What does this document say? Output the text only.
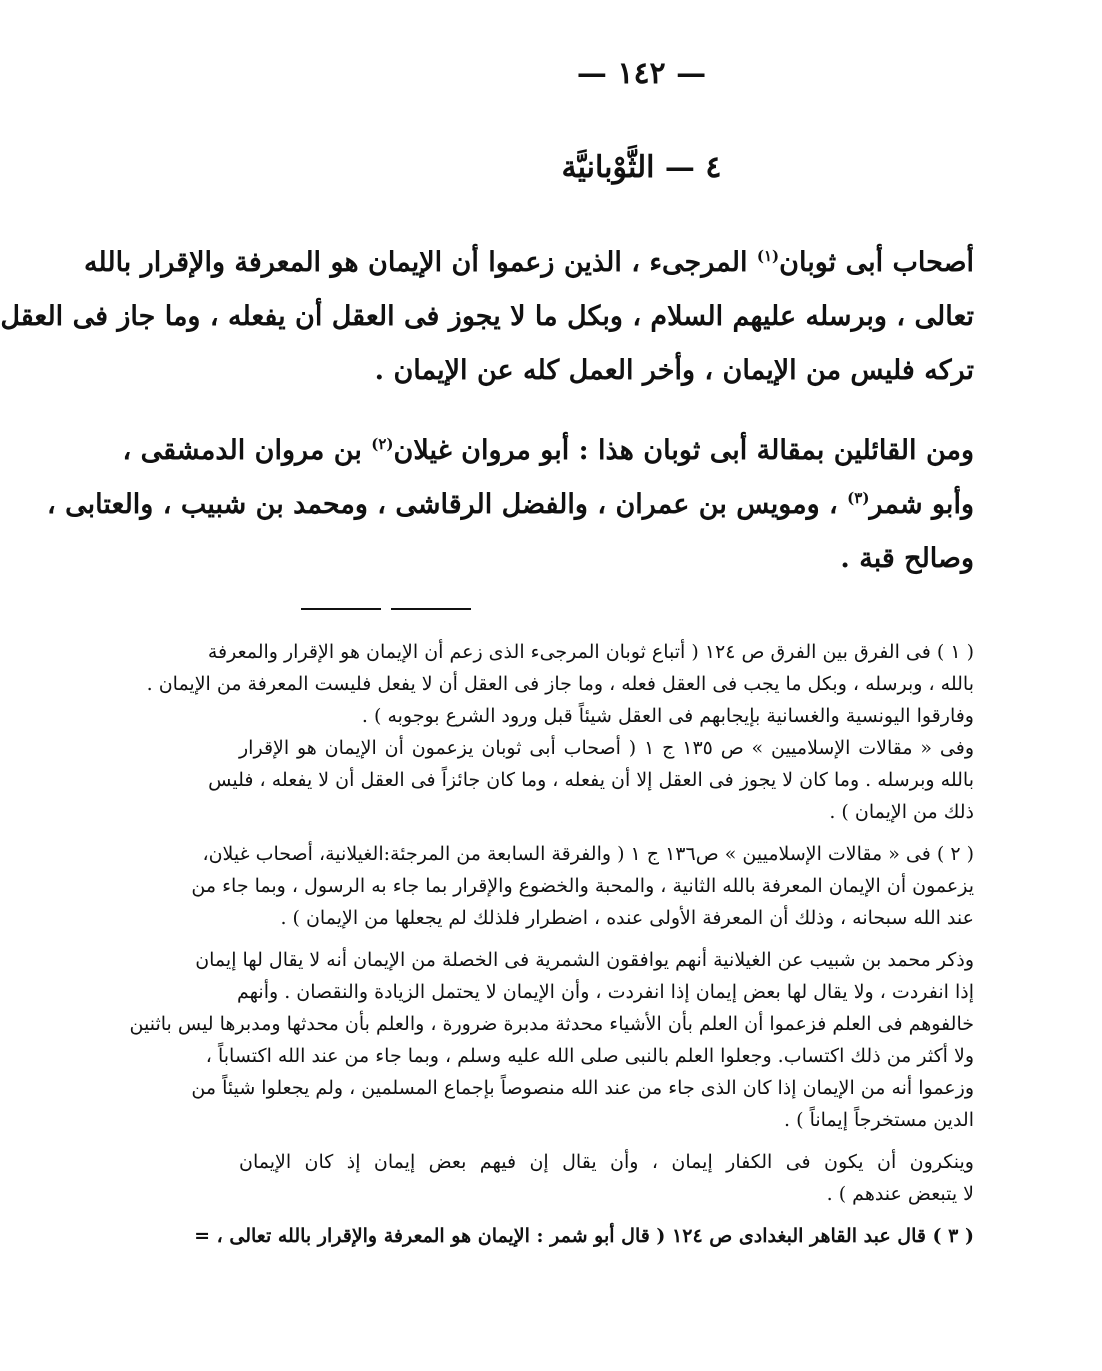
— ١٤٢ —
٤ — الثَّوْبانيَّة
أصحاب أبى ثوبان$^{(١)}$ المرجىء ، الذين زعموا أن الإيمان هو المعرفة والإقرار بالله
تعالى ، وبرسله عليهم السلام ، وبكل ما لا يجوز فى العقل أن يفعله ، وما جاز فى العقل
تركه فليس من الإيمان ، وأخر العمل كله عن الإيمان .
ومن القائلين بمقالة أبى ثوبان هذا : أبو مروان غيلان$^{(٢)}$ بن مروان الدمشقى ،
وأبو شمر$^{(٣)}$ ، ومويس بن عمران ، والفضل الرقاشى ، ومحمد بن شبيب ، والعتابى ،
وصالح قبة .
( ١ ) فى الفرق بين الفرق ص ١٢٤ ( أتباع ثوبان المرجىء الذى زعم أن الإيمان هو الإقرار والمعرفة
بالله ، وبرسله ، وبكل ما يجب فى العقل فعله ، وما جاز فى العقل أن لا يفعل فليست المعرفة من الإيمان .
وفارقوا اليونسية والغسانية بإيجابهم فى العقل شيئاً قبل ورود الشرع بوجوبه ) .
وفى « مقالات الإسلاميين » ص ١٣٥ ج ١ ( أصحاب أبى ثوبان يزعمون أن الإيمان هو الإقرار
بالله وبرسله . وما كان لا يجوز فى العقل إلا أن يفعله ، وما كان جائزاً فى العقل أن لا يفعله ، فليس
ذلك من الإيمان ) .
( ٢ ) فى « مقالات الإسلاميين » ص١٣٦ ج ١ ( والفرقة السابعة من المرجئة:الغيلانية، أصحاب غيلان،
يزعمون أن الإيمان المعرفة بالله الثانية ، والمحبة والخضوع والإقرار بما جاء به الرسول ، وبما جاء من
عند الله سبحانه ، وذلك أن المعرفة الأولى عنده ، اضطرار فلذلك لم يجعلها من الإيمان ) .
وذكر محمد بن شبيب عن الغيلانية أنهم يوافقون الشمرية فى الخصلة من الإيمان أنه لا يقال لها إيمان
إذا انفردت ، ولا يقال لها بعض إيمان إذا انفردت ، وأن الإيمان لا يحتمل الزيادة والنقصان . وأنهم
خالفوهم فى العلم فزعموا أن العلم بأن الأشياء محدثة مدبرة ضرورة ، والعلم بأن محدثها ومدبرها ليس باثنين
ولا أكثر من ذلك اكتساب. وجعلوا العلم بالنبى صلى الله عليه وسلم ، وبما جاء من عند الله اكتساباً ،
وزعموا أنه من الإيمان إذا كان الذى جاء من عند الله منصوصاً بإجماع المسلمين ، ولم يجعلوا شيئاً من
الدين مستخرجاً إيماناً ) .
وينكرون أن يكون فى الكفار إيمان ، وأن يقال إن فيهم بعض إيمان إذ كان الإيمان
لا يتبعض عندهم ) .
( ٣ ) قال عبد القاهر البغدادى ص ١٢٤ ( قال أبو شمر : الإيمان هو المعرفة والإقرار بالله تعالى ، =
